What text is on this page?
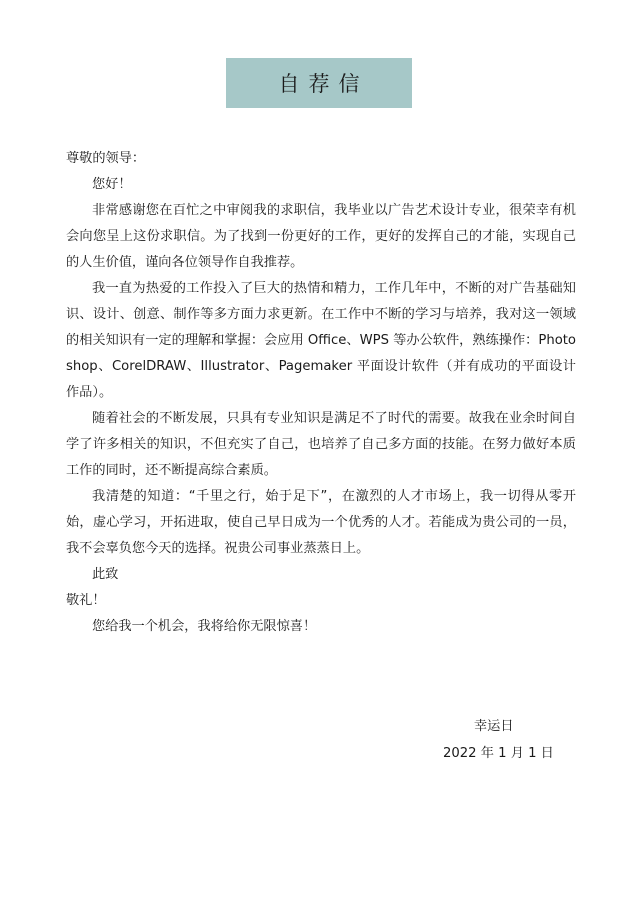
自荐信

尊敬的领导：

您好！

非常感谢您在百忙之中审阅我的求职信，我毕业以广告艺术设计专业，很荣幸有机会向您呈上这份求职信。为了找到一份更好的工作，更好的发挥自己的才能，实现自己的人生价值，谨向各位领导作自我推荐。

我一直为热爱的工作投入了巨大的热情和精力，工作几年中，不断的对广告基础知识、设计、创意、制作等多方面力求更新。在工作中不断的学习与培养，我对这一领域的相关知识有一定的理解和掌握：会应用 Office、WPS 等办公软件，熟练操作：Photoshop、CorelDRAW、Illustrator、Pagemaker 平面设计软件（并有成功的平面设计作品）。

随着社会的不断发展，只具有专业知识是满足不了时代的需要。故我在业余时间自学了许多相关的知识，不但充实了自己，也培养了自己多方面的技能。在努力做好本质工作的同时，还不断提高综合素质。

我清楚的知道：“千里之行，始于足下”，在激烈的人才市场上，我一切得从零开始，虚心学习，开拓进取，使自己早日成为一个优秀的人才。若能成为贵公司的一员，我不会辜负您今天的选择。祝贵公司事业蒸蒸日上。

此致

敬礼！

您给我一个机会，我将给你无限惊喜！

幸运日
2022 年 1 月 1 日
